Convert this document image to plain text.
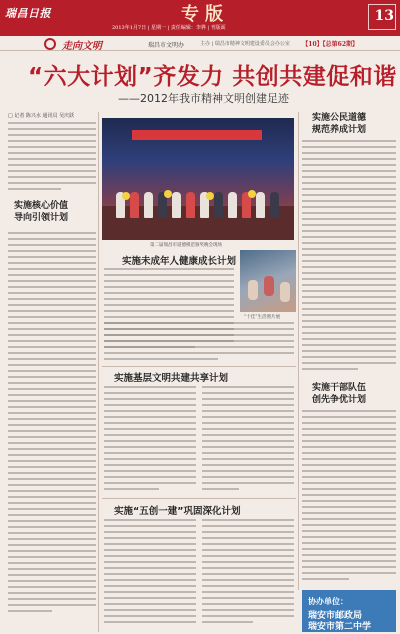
瑞昌日报	专版
2013年1月7日 | 星期一 | 责任编辑：李骅 | 刊版面
13
走向文明	瑞昌市文明办	主办 | 瑞昌市精神文明建设委员会办公室 【10】【总第62期】
“六大计划”齐发力 共创共建促和谐
——2012年我市精神文明创建足迹
□ 记者 陈兴水 通讯员 吴庆跃
实施核心价值
导向引领计划
第二届瑞昌市道德模范颁奖晚会现场
实施未成年人健康成长计划
“十佳”生活照片展
实施基层文明共建共享计划
实施“五创一建”巩固深化计划
实施公民道德
规范养成计划
实施干部队伍
创先争优计划
协办单位：
瑞安市邮政局
瑞安市第二中学
